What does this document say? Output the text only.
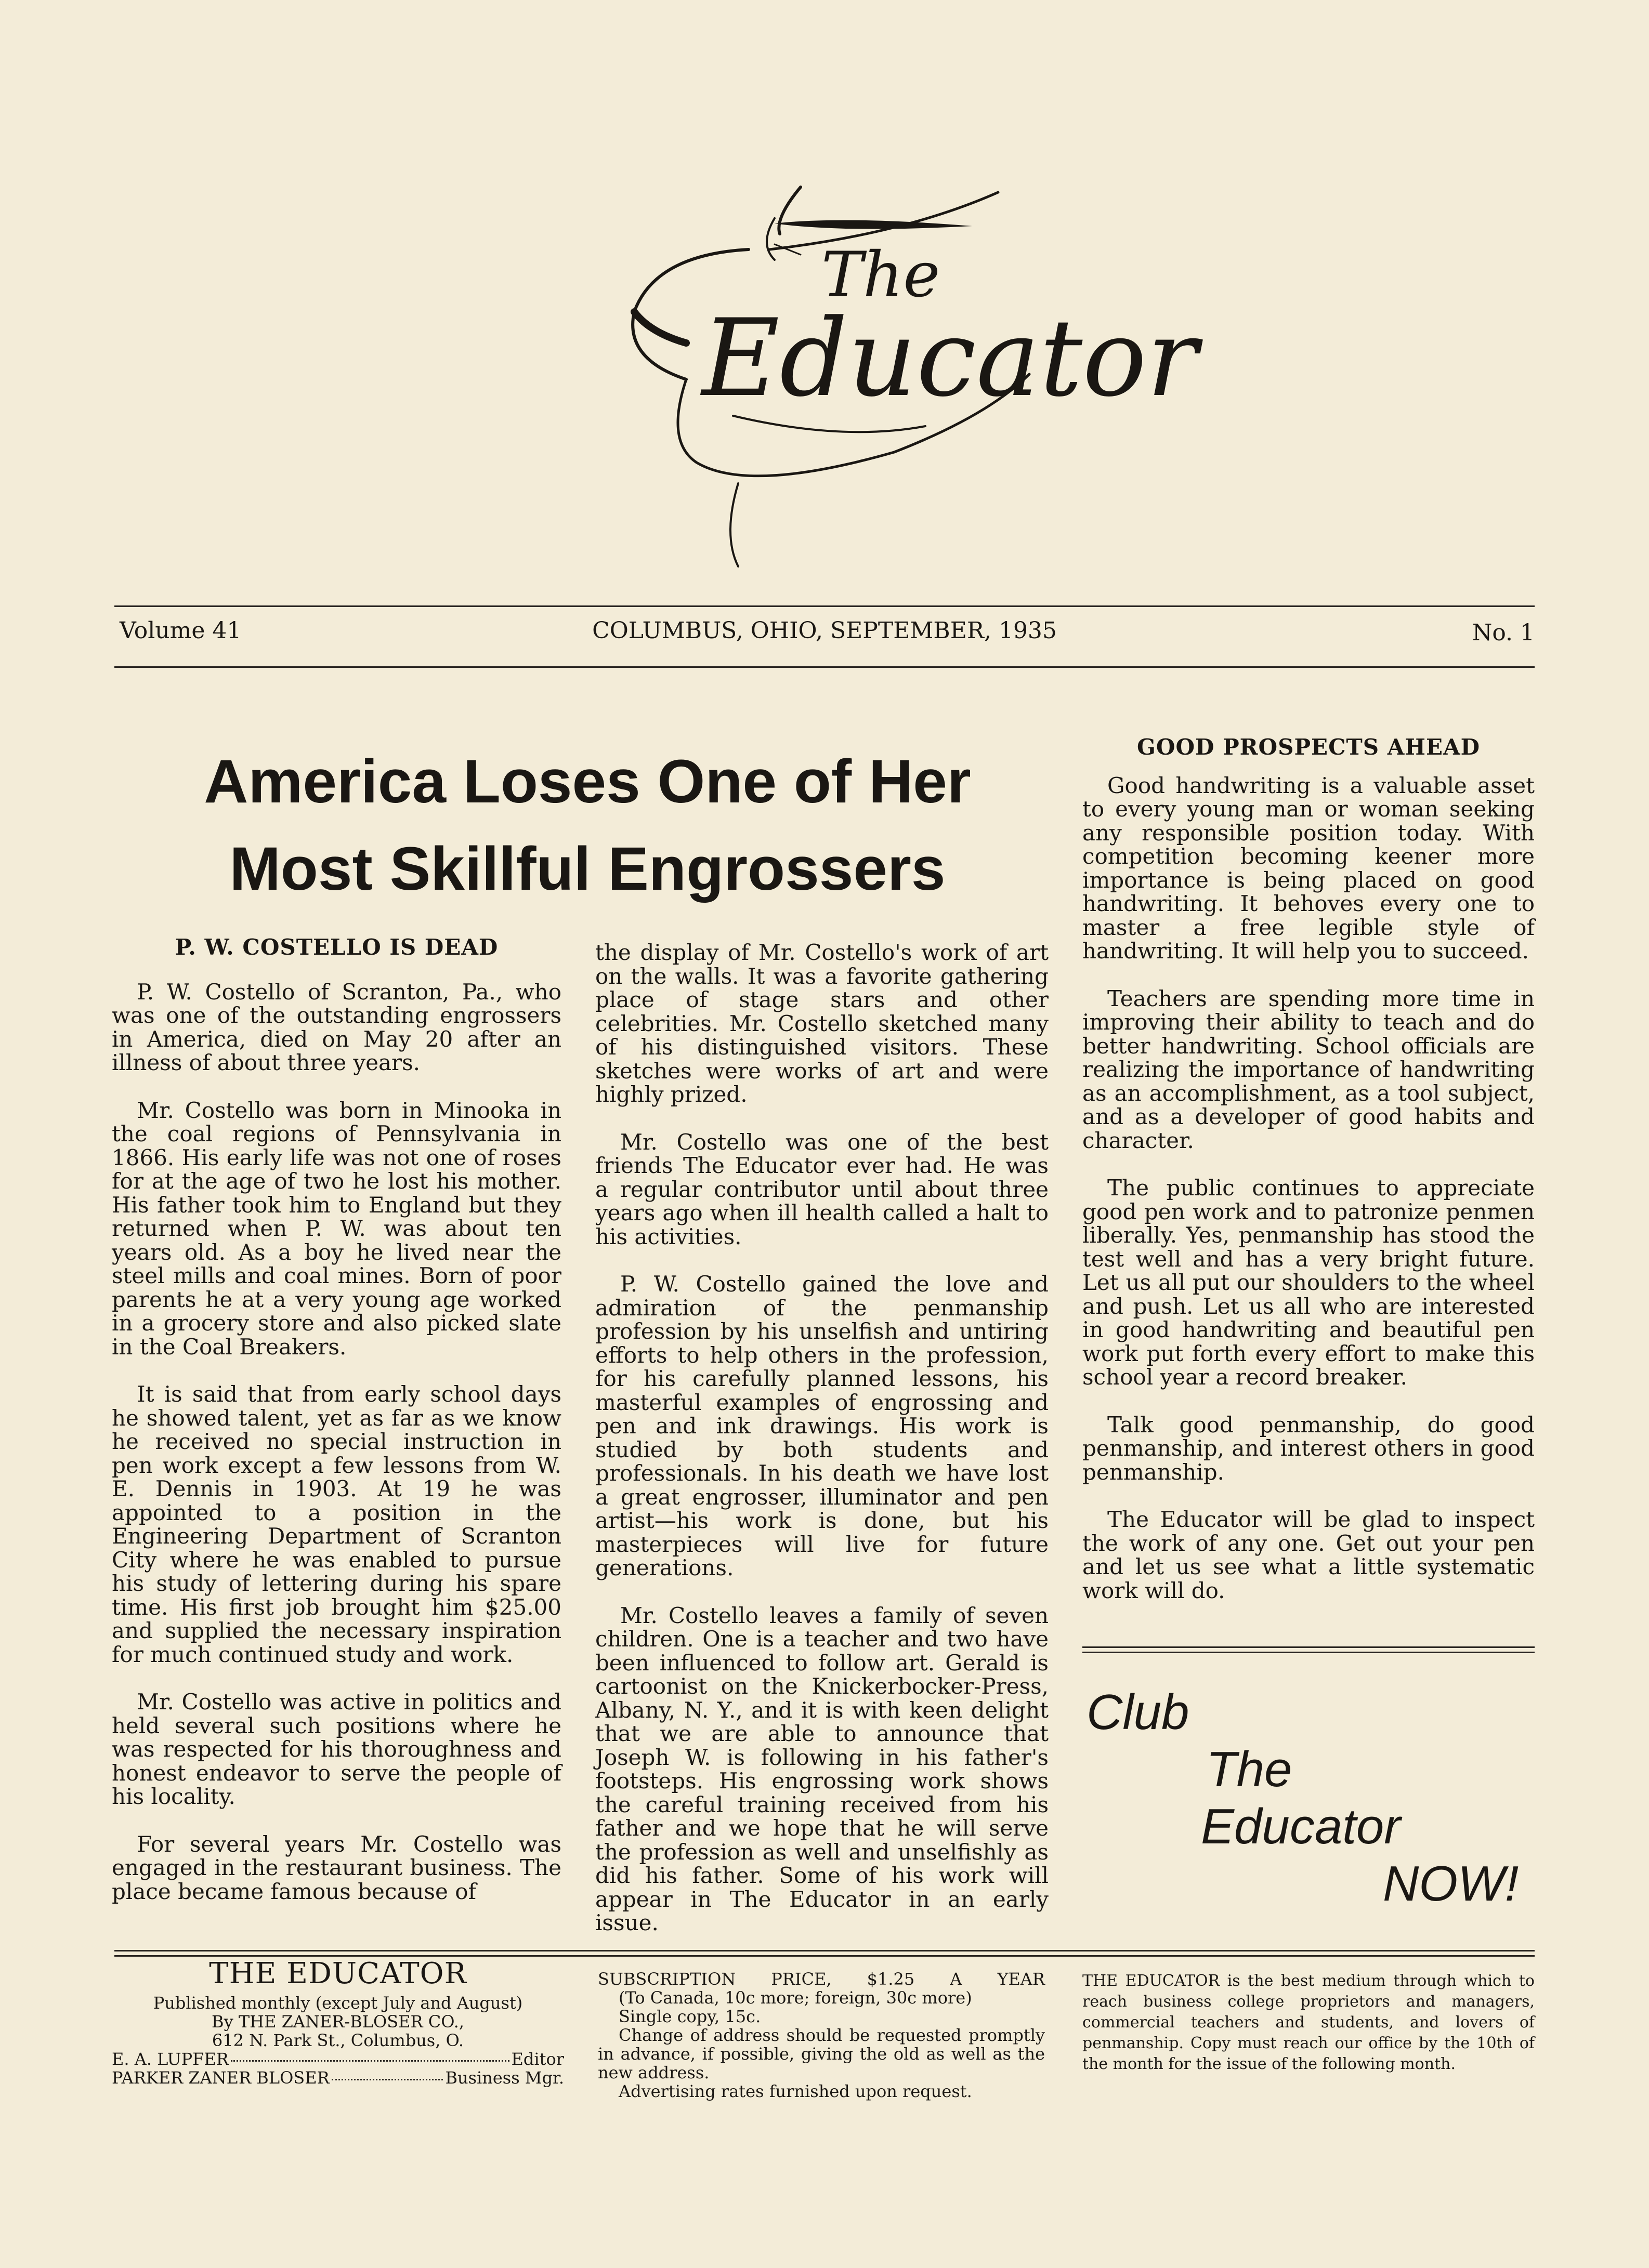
The
Educator
Volume 41	COLUMBUS, OHIO, SEPTEMBER, 1935	No. 1
America Loses One of Her
Most Skillful Engrossers
P. W. COSTELLO IS DEAD

P. W. Costello of Scranton, Pa., who was one of the outstanding engrossers in America, died on May 20 after an illness of about three years.

Mr. Costello was born in Minooka in the coal regions of Pennsylvania in 1866. His early life was not one of roses for at the age of two he lost his mother. His father took him to England but they returned when P. W. was about ten years old. As a boy he lived near the steel mills and coal mines. Born of poor parents he at a very young age worked in a grocery store and also picked slate in the Coal Breakers.

It is said that from early school days he showed talent, yet as far as we know he received no special instruction in pen work except a few lessons from W. E. Dennis in 1903. At 19 he was appointed to a position in the Engineering Department of Scranton City where he was enabled to pursue his study of lettering during his spare time. His first job brought him $25.00 and supplied the necessary inspiration for much continued study and work.

Mr. Costello was active in politics and held several such positions where he was respected for his thoroughness and honest endeavor to serve the people of his locality.

For several years Mr. Costello was engaged in the restaurant business. The place became famous because of

the display of Mr. Costello's work of art on the walls. It was a favorite gathering place of stage stars and other celebrities. Mr. Costello sketched many of his distinguished visitors. These sketches were works of art and were highly prized.

Mr. Costello was one of the best friends The Educator ever had. He was a regular contributor until about three years ago when ill health called a halt to his activities.

P. W. Costello gained the love and admiration of the penmanship profession by his unselfish and untiring efforts to help others in the profession, for his carefully planned lessons, his masterful examples of engrossing and pen and ink drawings. His work is studied by both students and professionals. In his death we have lost a great engrosser, illuminator and pen artist—his work is done, but his masterpieces will live for future generations.

Mr. Costello leaves a family of seven children. One is a teacher and two have been influenced to follow art. Gerald is cartoonist on the Knickerbocker-Press, Albany, N. Y., and it is with keen delight that we are able to announce that Joseph W. is following in his father's footsteps. His engrossing work shows the careful training received from his father and we hope that he will serve the profession as well and unselfishly as did his father. Some of his work will appear in The Educator in an early issue.

GOOD PROSPECTS AHEAD

Good handwriting is a valuable asset to every young man or woman seeking any responsible position today. With competition becoming keener more importance is being placed on good handwriting. It behoves every one to master a free legible style of handwriting. It will help you to succeed.

Teachers are spending more time in improving their ability to teach and do better handwriting. School officials are realizing the importance of handwriting as an accomplishment, as a tool subject, and as a developer of good habits and character.

The public continues to appreciate good pen work and to patronize penmen liberally. Yes, penmanship has stood the test well and has a very bright future. Let us all put our shoulders to the wheel and push. Let us all who are interested in good handwriting and beautiful pen work put forth every effort to make this school year a record breaker.

Talk good penmanship, do good penmanship, and interest others in good penmanship.

The Educator will be glad to inspect the work of any one. Get out your pen and let us see what a little systematic work will do.

Club
The
Educator
NOW!
THE EDUCATOR
Published monthly (except July and August)
By THE ZANER-BLOSER CO.,
612 N. Park St., Columbus, O.
E. A. LUPFER	Editor
PARKER ZANER BLOSER	Business Mgr.
SUBSCRIPTION PRICE, $1.25 A YEAR
(To Canada, 10c more; foreign, 30c more)
Single copy, 15c.
Change of address should be requested promptly in advance, if possible, giving the old as well as the new address.
Advertising rates furnished upon request.
THE EDUCATOR is the best medium through which to reach business college proprietors and managers, commercial teachers and students, and lovers of penmanship. Copy must reach our office by the 10th of the month for the issue of the following month.
